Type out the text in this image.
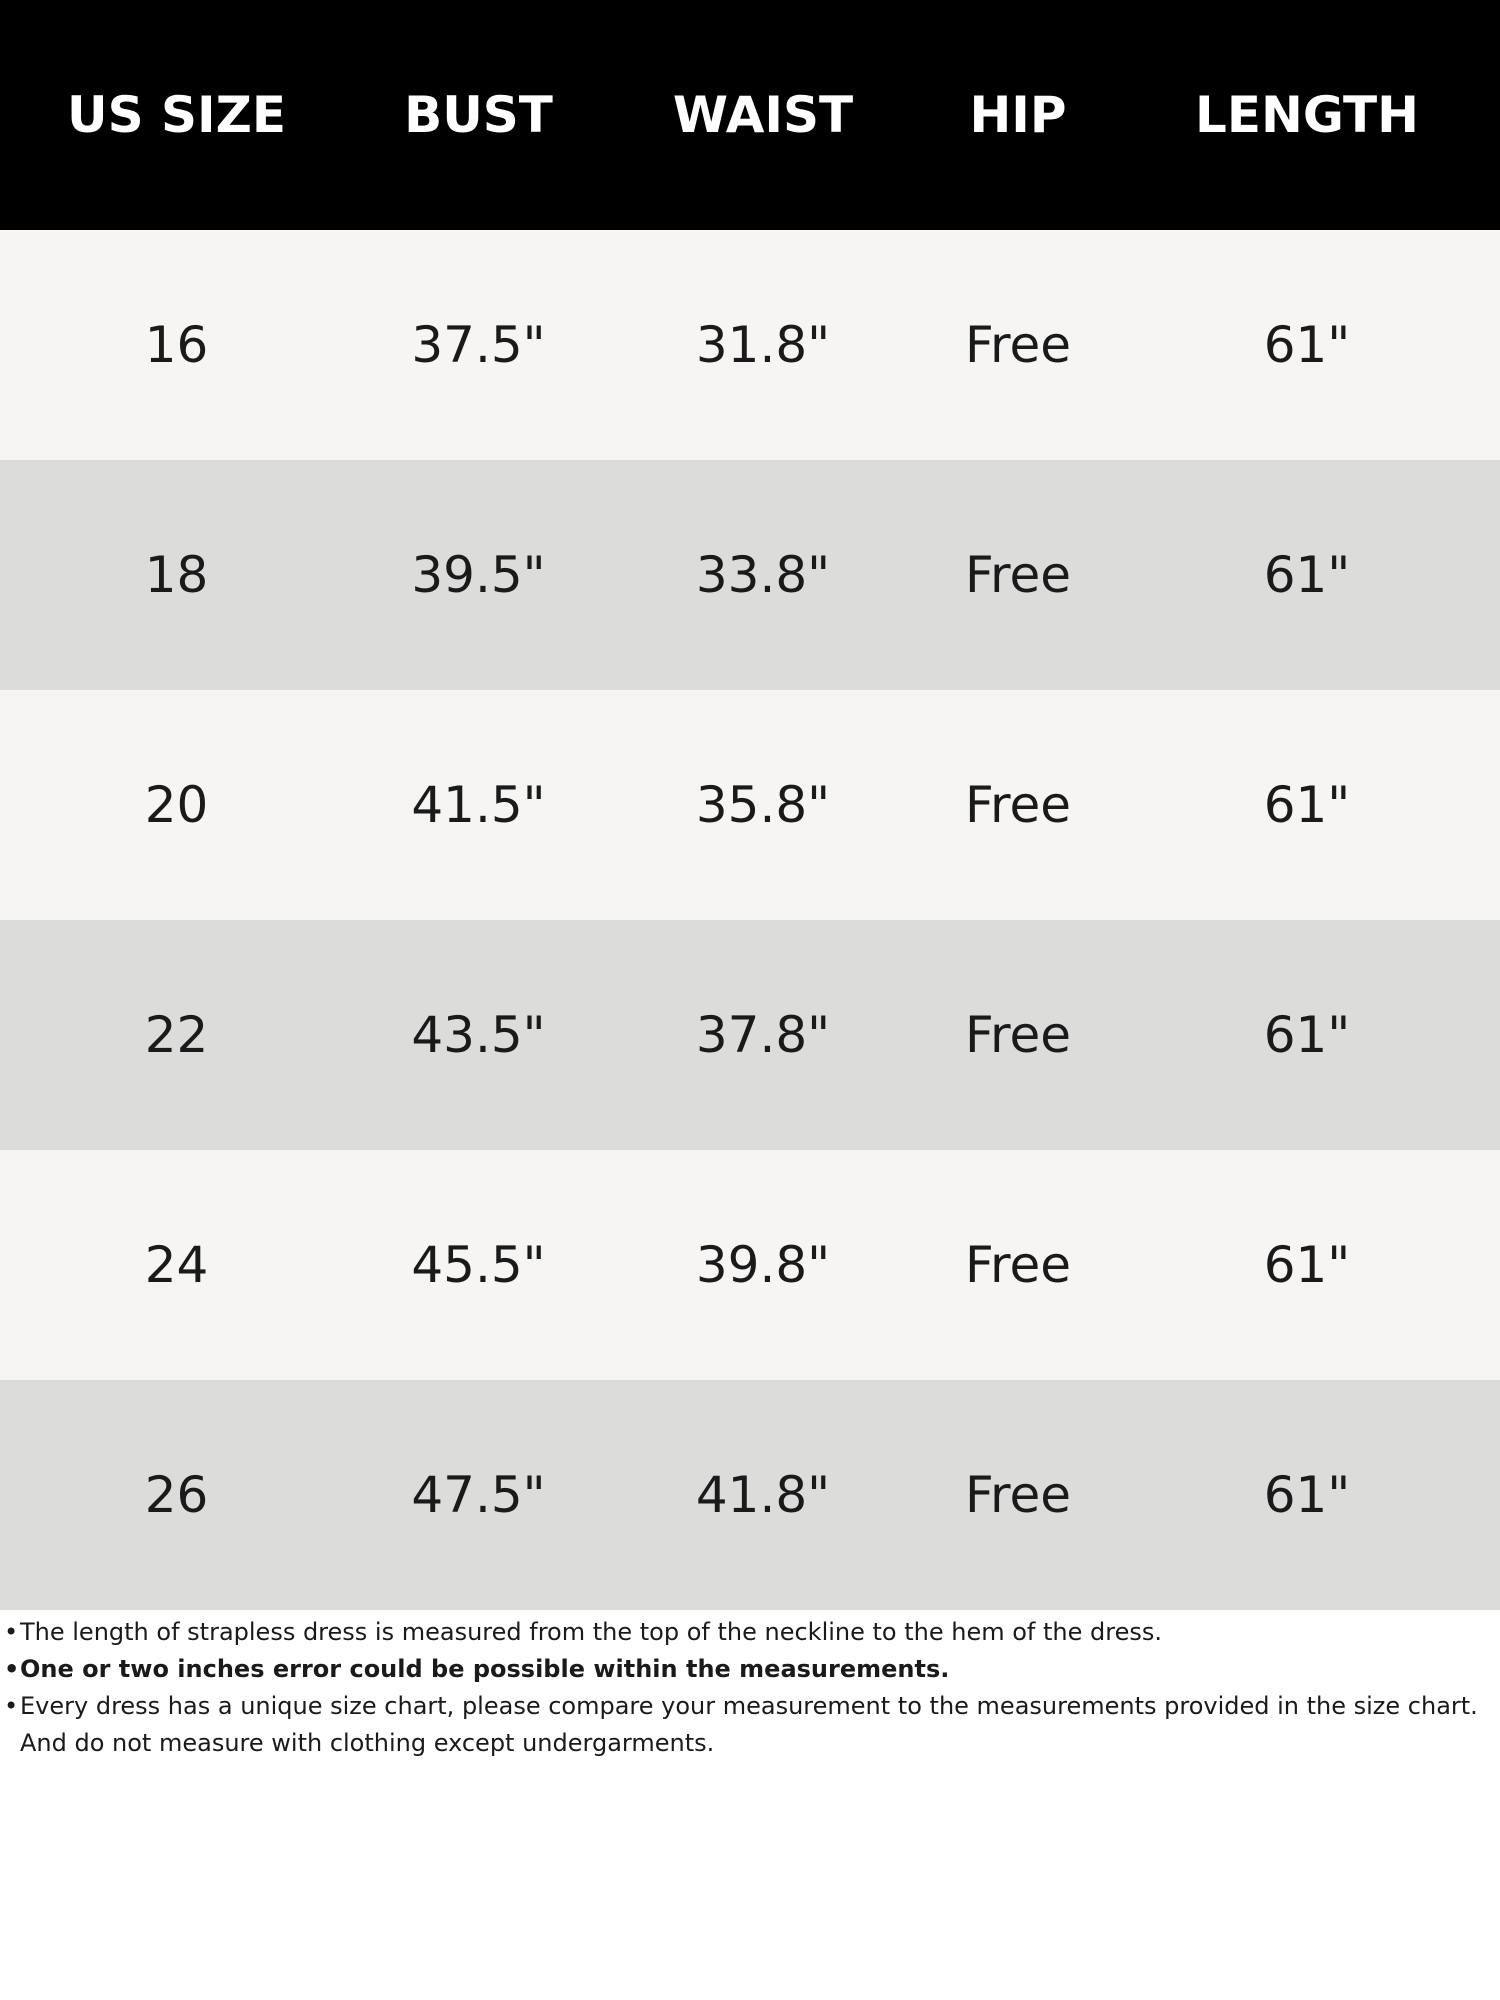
US SIZE	BUST	WAIST	HIP	LENGTH
16	37.5"	31.8"	Free	61"
18	39.5"	33.8"	Free	61"
20	41.5"	35.8"	Free	61"
22	43.5"	37.8"	Free	61"
24	45.5"	39.8"	Free	61"
26	47.5"	41.8"	Free	61"
• The length of strapless dress is measured from the top of the neckline to the hem of the dress.
• One or two inches error could be possible within the measurements.
• Every dress has a unique size chart, please compare your measurement to the measurements provided in the size chart. And do not measure with clothing except undergarments.
